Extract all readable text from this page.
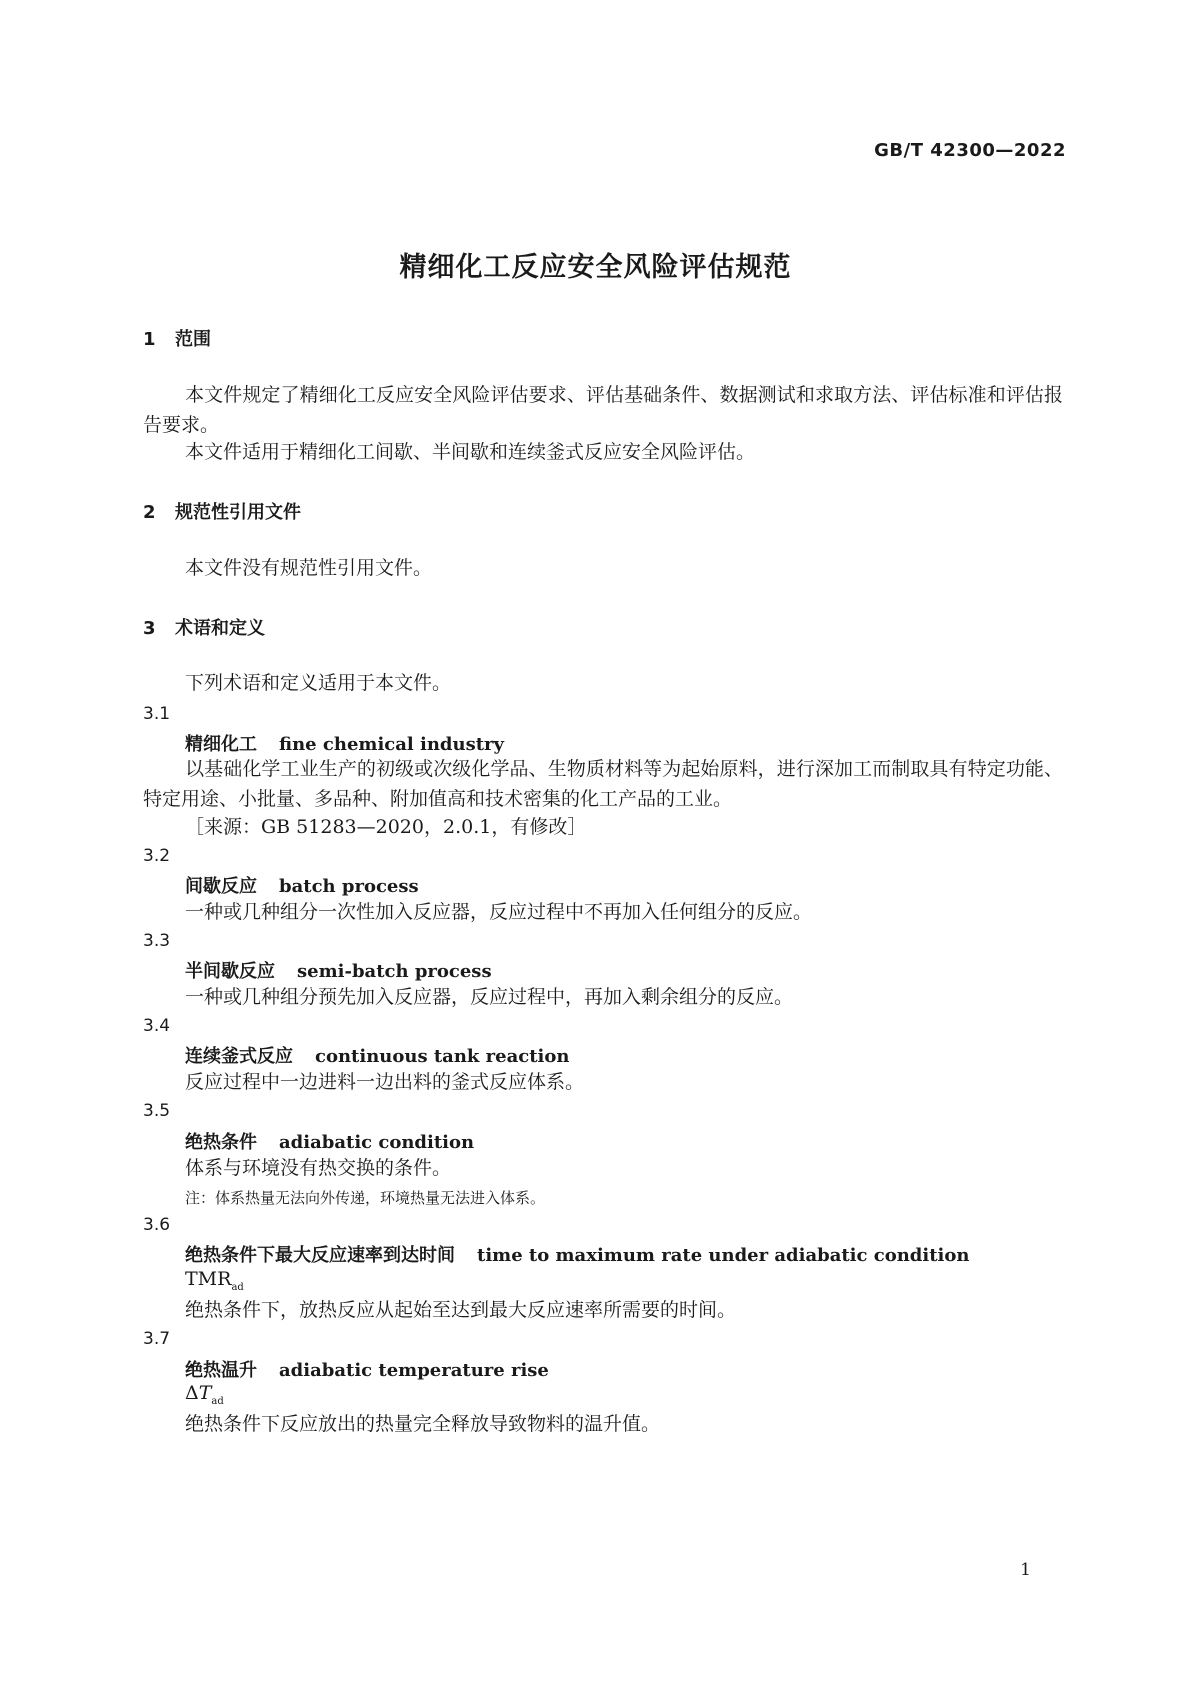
GB/T 42300—2022
精细化工反应安全风险评估规范
1 范围
本文件规定了精细化工反应安全风险评估要求、评估基础条件、数据测试和求取方法、评估标准和评估报告要求。
本文件适用于精细化工间歇、半间歇和连续釜式反应安全风险评估。
2 规范性引用文件
本文件没有规范性引用文件。
3 术语和定义
下列术语和定义适用于本文件。
3.1
精细化工 fine chemical industry
以基础化学工业生产的初级或次级化学品、生物质材料等为起始原料，进行深加工而制取具有特定功能、特定用途、小批量、多品种、附加值高和技术密集的化工产品的工业。
［来源：GB 51283—2020，2.0.1，有修改］
3.2
间歇反应 batch process
一种或几种组分一次性加入反应器，反应过程中不再加入任何组分的反应。
3.3
半间歇反应 semi-batch process
一种或几种组分预先加入反应器，反应过程中，再加入剩余组分的反应。
3.4
连续釜式反应 continuous tank reaction
反应过程中一边进料一边出料的釜式反应体系。
3.5
绝热条件 adiabatic condition
体系与环境没有热交换的条件。
注：体系热量无法向外传递，环境热量无法进入体系。
3.6
绝热条件下最大反应速率到达时间 time to maximum rate under adiabatic condition
$TMR_{ad}$
绝热条件下，放热反应从起始至达到最大反应速率所需要的时间。
3.7
绝热温升 adiabatic temperature rise
$\Delta T_{ad}$
绝热条件下反应放出的热量完全释放导致物料的温升值。
1
